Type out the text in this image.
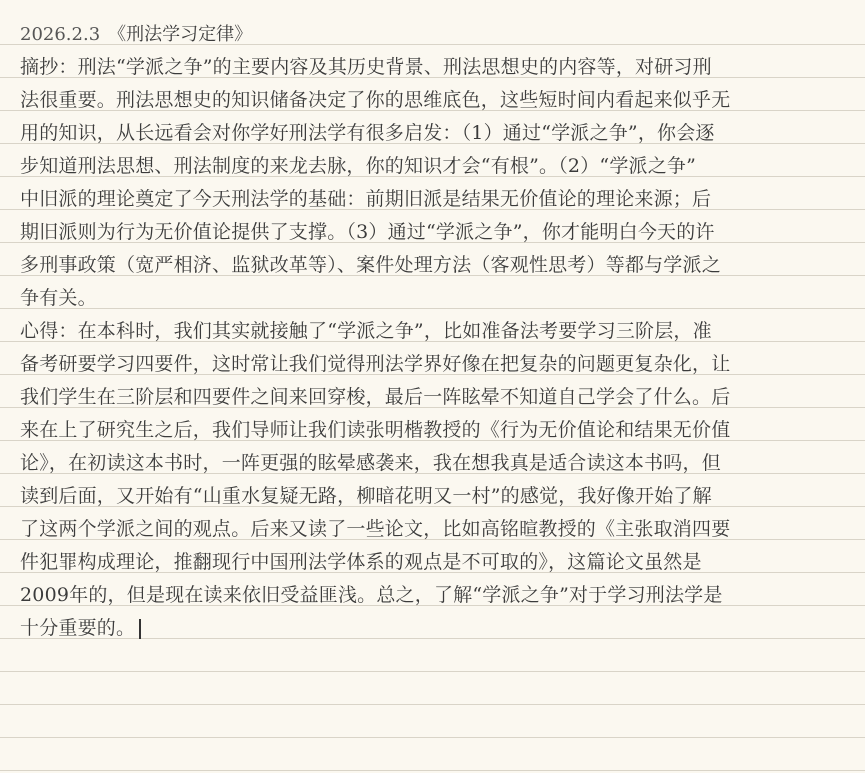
2026.2.3 《刑法学习定律》
摘抄：刑法“学派之争”的主要内容及其历史背景、刑法思想史的内容等，对研习刑
法很重要。刑法思想史的知识储备决定了你的思维底色，这些短时间内看起来似乎无
用的知识，从长远看会对你学好刑法学有很多启发：（1）通过“学派之争”，你会逐
步知道刑法思想、刑法制度的来龙去脉，你的知识才会“有根”。（2）“学派之争”
中旧派的理论奠定了今天刑法学的基础：前期旧派是结果无价值论的理论来源；后
期旧派则为行为无价值论提供了支撑。（3）通过“学派之争”，你才能明白今天的许
多刑事政策（宽严相济、监狱改革等）、案件处理方法（客观性思考）等都与学派之
争有关。
心得：在本科时，我们其实就接触了“学派之争”，比如准备法考要学习三阶层，准
备考研要学习四要件，这时常让我们觉得刑法学界好像在把复杂的问题更复杂化，让
我们学生在三阶层和四要件之间来回穿梭，最后一阵眩晕不知道自己学会了什么。后
来在上了研究生之后，我们导师让我们读张明楷教授的《行为无价值论和结果无价值
论》，在初读这本书时，一阵更强的眩晕感袭来，我在想我真是适合读这本书吗，但
读到后面，又开始有“山重水复疑无路，柳暗花明又一村”的感觉，我好像开始了解
了这两个学派之间的观点。后来又读了一些论文，比如高铭暄教授的《主张取消四要
件犯罪构成理论，推翻现行中国刑法学体系的观点是不可取的》，这篇论文虽然是
2009年的，但是现在读来依旧受益匪浅。总之，了解“学派之争”对于学习刑法学是
十分重要的。
